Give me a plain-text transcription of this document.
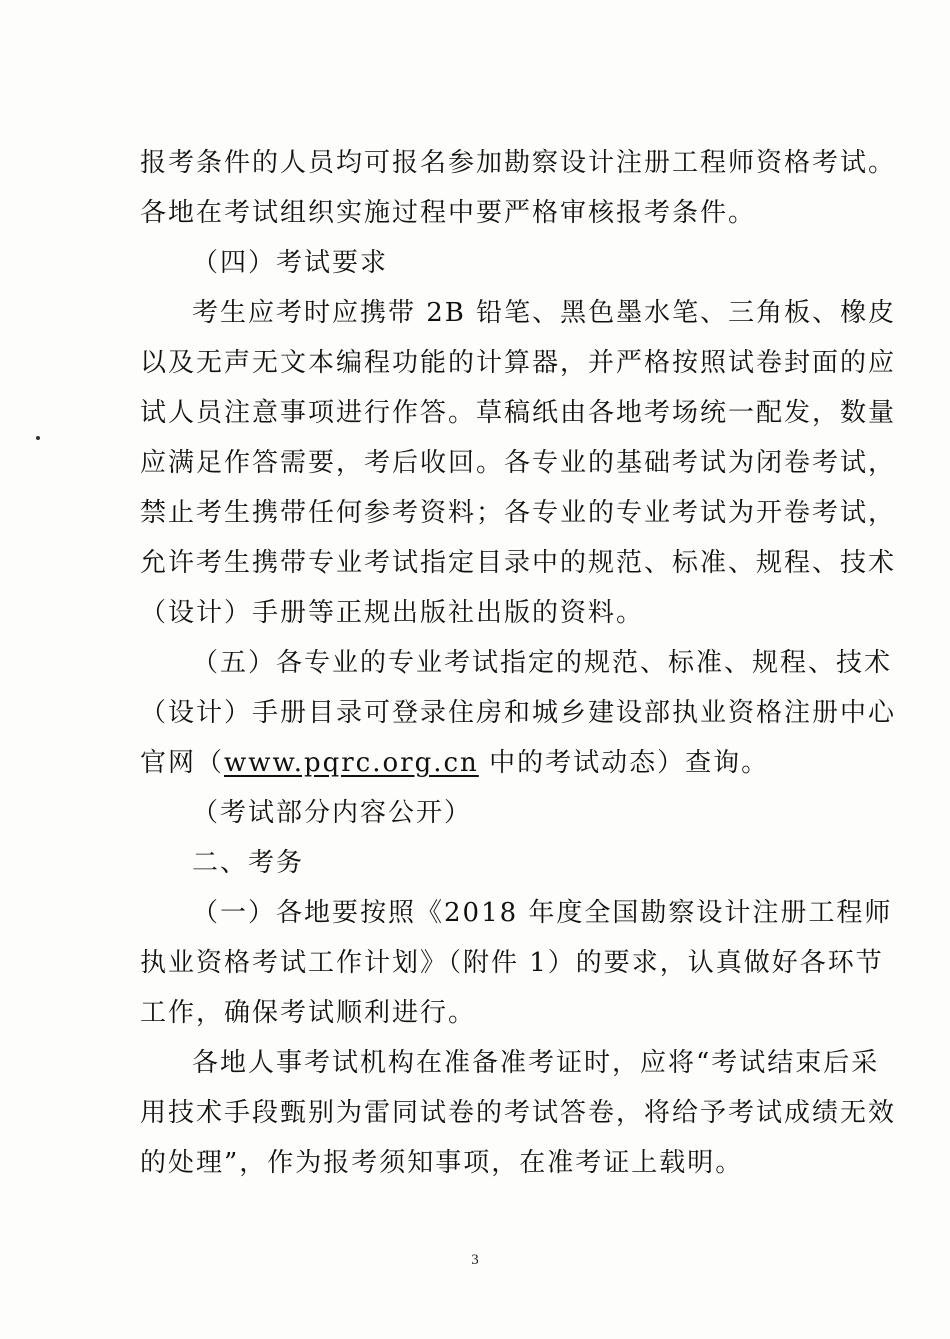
报考条件的人员均可报名参加勘察设计注册工程师资格考试。
各地在考试组织实施过程中要严格审核报考条件。
（四）考试要求
考生应考时应携带 2B 铅笔、黑色墨水笔、三角板、橡皮
以及无声无文本编程功能的计算器，并严格按照试卷封面的应
试人员注意事项进行作答。草稿纸由各地考场统一配发，数量
应满足作答需要，考后收回。各专业的基础考试为闭卷考试，
禁止考生携带任何参考资料；各专业的专业考试为开卷考试，
允许考生携带专业考试指定目录中的规范、标准、规程、技术
（设计）手册等正规出版社出版的资料。
（五）各专业的专业考试指定的规范、标准、规程、技术
（设计）手册目录可登录住房和城乡建设部执业资格注册中心
官网（www.pqrc.org.cn 中的考试动态）查询。
（考试部分内容公开）
二、考务
（一）各地要按照《2018 年度全国勘察设计注册工程师
执业资格考试工作计划》（附件 1）的要求，认真做好各环节
工作，确保考试顺利进行。
各地人事考试机构在准备准考证时，应将“考试结束后采
用技术手段甄别为雷同试卷的考试答卷，将给予考试成绩无效
的处理”，作为报考须知事项，在准考证上载明。
3
